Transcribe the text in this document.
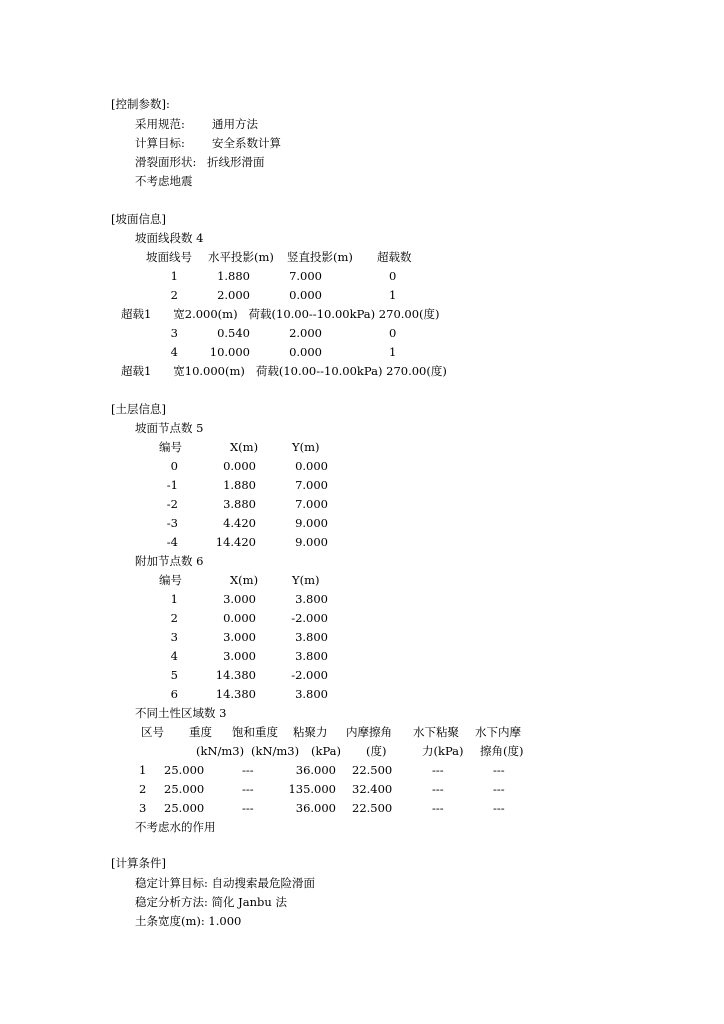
[控制参数]:
采用规范: 通用方法
计算目标: 安全系数计算
滑裂面形状: 折线形滑面
不考虑地震
[坡面信息]
坡面线段数 4
坡面线号 水平投影(m) 竖直投影(m) 超载数
1	1.880	7.000	0
2	2.000	0.000	1
超载1      宽2.000(m)   荷载(10.00--10.00kPa) 270.00(度)
3	0.540	2.000	0
4	10.000	0.000	1
超载1      宽10.000(m)   荷载(10.00--10.00kPa) 270.00(度)
[土层信息]
坡面节点数 5
编号	X(m)	Y(m)
0	0.000	0.000
-1	1.880	7.000
-2	3.880	7.000
-3	4.420	9.000
-4	14.420	9.000
附加节点数 6
编号	X(m)	Y(m)
1	3.000	3.800
2	0.000	-2.000
3	3.000	3.800
4	3.000	3.800
5	14.380	-2.000
6	14.380	3.800
不同土性区域数 3
区号 重度 饱和重度 粘聚力 内摩擦角 水下粘聚 水下内摩
(kN/m3) (kN/m3) (kPa) (度)	力(kPa) 擦角(度)
1 25.000	---	36.000 22.500	---	---
2 25.000	---	135.000 32.400	---	---
3 25.000	---	36.000 22.500	---	---
不考虑水的作用
[计算条件]
稳定计算目标: 自动搜索最危险滑面
稳定分析方法: 简化 Janbu 法
土条宽度(m): 1.000
